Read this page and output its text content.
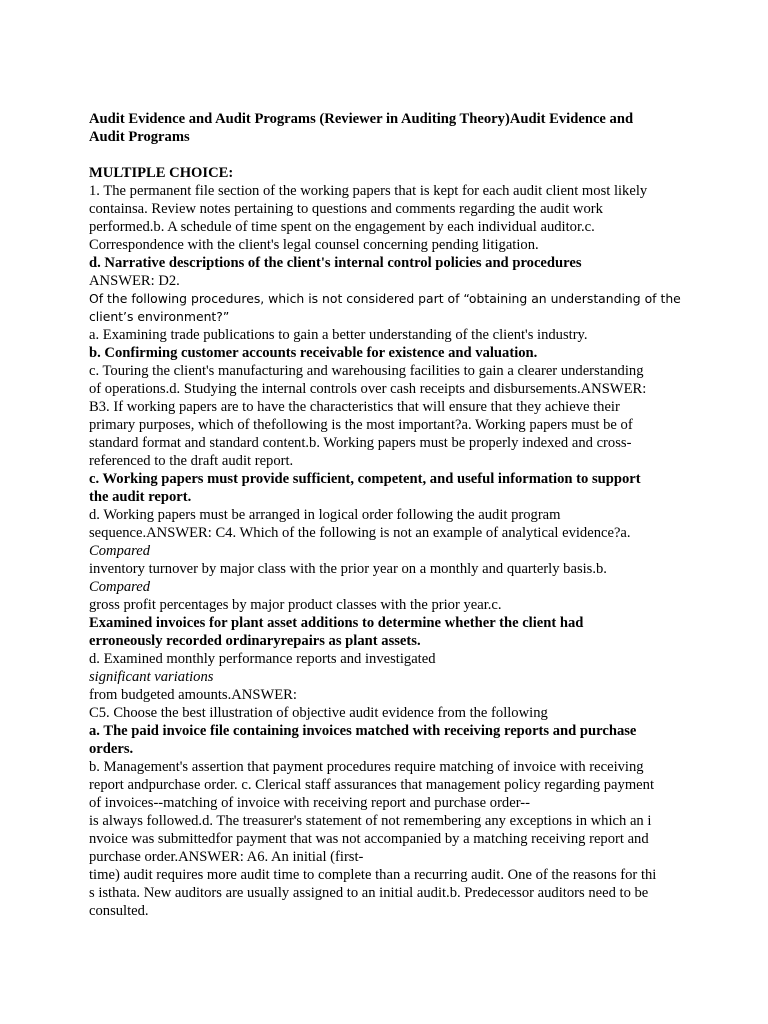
Audit Evidence and Audit Programs (Reviewer in Auditing Theory)Audit Evidence and
Audit Programs
MULTIPLE CHOICE:
1. The permanent file section of the working papers that is kept for each audit client most likely
containsa. Review notes pertaining to questions and comments regarding the audit work
performed.b. A schedule of time spent on the engagement by each individual auditor.c.
Correspondence with the client's legal counsel concerning pending litigation.
d. Narrative descriptions of the client's internal control policies and procedures
ANSWER: D2.
Of the following procedures, which is not considered part of “obtaining an understanding of the
client’s environment?”
a. Examining trade publications to gain a better understanding of the client's industry.
b. Confirming customer accounts receivable for existence and valuation.
c. Touring the client's manufacturing and warehousing facilities to gain a clearer understanding
of operations.d. Studying the internal controls over cash receipts and disbursements.ANSWER:
B3. If working papers are to have the characteristics that will ensure that they achieve their
primary purposes, which of thefollowing is the most important?a. Working papers must be of
standard format and standard content.b. Working papers must be properly indexed and cross-
referenced to the draft audit report.
c. Working papers must provide sufficient, competent, and useful information to support
the audit report.
d. Working papers must be arranged in logical order following the audit program
sequence.ANSWER: C4. Which of the following is not an example of analytical evidence?a.
Compared
inventory turnover by major class with the prior year on a monthly and quarterly basis.b.
Compared
gross profit percentages by major product classes with the prior year.c.
Examined invoices for plant asset additions to determine whether the client had
erroneously recorded ordinaryrepairs as plant assets.
d. Examined monthly performance reports and investigated
significant variations
from budgeted amounts.ANSWER:
C5. Choose the best illustration of objective audit evidence from the following
a. The paid invoice file containing invoices matched with receiving reports and purchase
orders.
b. Management's assertion that payment procedures require matching of invoice with receiving
report andpurchase order. c. Clerical staff assurances that management policy regarding payment
of invoices--matching of invoice with receiving report and purchase order--
is always followed.d. The treasurer's statement of not remembering any exceptions in which an i
nvoice was submittedfor payment that was not accompanied by a matching receiving report and
purchase order.ANSWER: A6. An initial (first-
time) audit requires more audit time to complete than a recurring audit. One of the reasons for thi
s isthata. New auditors are usually assigned to an initial audit.b. Predecessor auditors need to be
consulted.
